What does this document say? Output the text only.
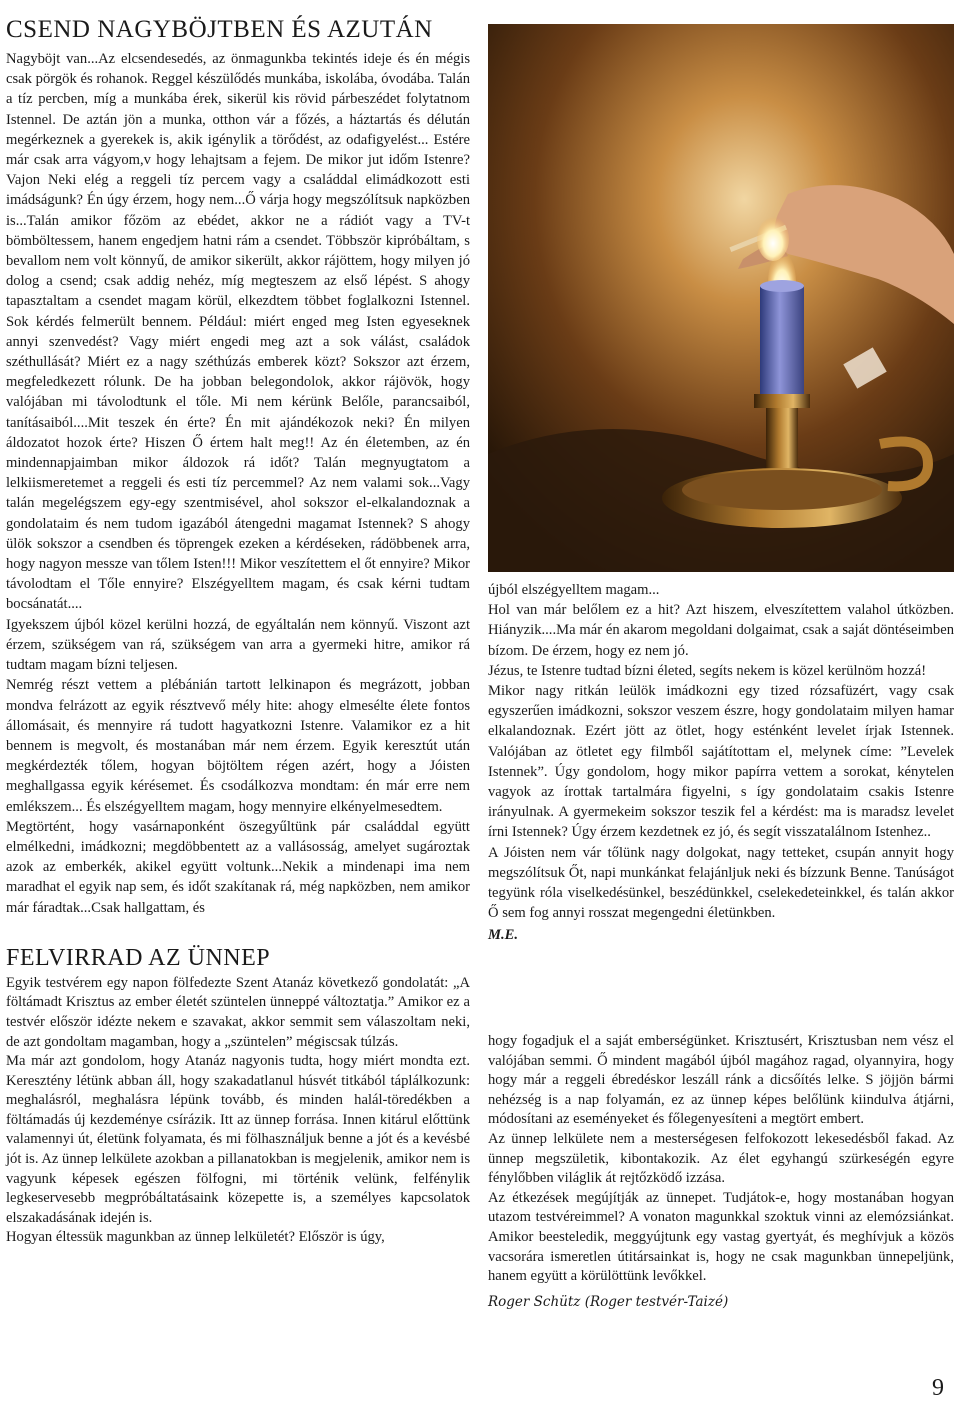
CSEND NAGYBÖJTBEN ÉS AZUTÁN

Nagyböjt van...Az elcsendesedés, az önmagunkba tekintés ideje és én mégis csak pörgök és rohanok. Reggel készülődés munkába, iskolába, óvodába. Talán a tíz percben, míg a munkába érek, sikerül kis rövid párbeszédet folytatnom Istennel. De aztán jön a munka, otthon vár a főzés, a háztartás és délután megérkeznek a gyerekek is, akik igénylik a törődést, az odafigyelést... Estére már csak arra vágyom,v hogy lehajtsam a fejem. De mikor jut időm Istenre? Vajon Neki elég a reggeli tíz percem vagy a családdal elimádkozott esti imádságunk? Én úgy érzem, hogy nem...Ő várja hogy megszólítsuk napközben is...Talán amikor főzöm az ebédet, akkor ne a rádiót vagy a TV-t bömböltessem, hanem engedjem hatni rám a csendet. Többször kipróbáltam, s bevallom nem volt könnyű, de amikor sikerült, akkor rájöttem, hogy milyen jó dolog a csend; csak addig nehéz, míg megteszem az első lépést. S ahogy tapasztaltam a csendet magam körül, elkezdtem többet foglalkozni Istennel. Sok kérdés felmerült bennem. Például: miért enged meg Isten egyeseknek annyi szenvedést? Vagy miért engedi meg azt a sok válást, családok széthullását? Miért ez a nagy széthúzás emberek közt? Sokszor azt érzem, megfeledkezett rólunk. De ha jobban belegondolok, akkor rájövök, hogy valójában mi távolodtunk el tőle. Mi nem kérünk Belőle, parancsaiból, tanításaiból....Mit teszek én érte? Én mit ajándékozok neki? Én milyen áldozatot hozok érte? Hiszen Ő értem halt meg!! Az én életemben, az én mindennapjaimban mikor áldozok rá időt? Talán megnyugtatom a lelkiismeretemet a reggeli és esti tíz percemmel? Az nem valami sok...Vagy talán megelégszem egy-egy szentmisével, ahol sokszor el-elkalandoznak a gondolataim és nem tudom igazából átengedni magamat Istennek? S ahogy ülök sokszor a csendben és töprengek ezeken a kérdéseken, rádöbbenek arra, hogy nagyon messze van tőlem Isten!!! Mikor veszítettem el őt ennyire? Mikor távolodtam el Tőle ennyire? Elszégyelltem magam, és csak kérni tudtam bocsánatát....

Igyekszem újból közel kerülni hozzá, de egyáltalán nem könnyű. Viszont azt érzem, szükségem van rá, szükségem van arra a gyermeki hitre, amikor rá tudtam magam bízni teljesen.

Nemrég részt vettem a plébánián tartott lelkinapon és megrázott, jobban mondva felrázott az egyik résztvevő mély hite: ahogy elmesélte élete fontos állomásait, és mennyire rá tudott hagyatkozni Istenre. Valamikor ez a hit bennem is megvolt, és mostanában már nem érzem. Egyik keresztút után megkérdezték tőlem, hogyan böjtöltem régen azért, hogy a Jóisten meghallgassa egyik kérésemet. És csodálkozva mondtam: én már erre nem emlékszem... És elszégyelltem magam, hogy mennyire elkényelmesedtem.

Megtörtént, hogy vasárnaponként öszegyűltünk pár családdal együtt elmélkedni, imádkozni; megdöbbentett az a vallásosság, amelyet sugároztak azok az emberkék, akikel együtt voltunk...Nekik a mindenapi ima nem maradhat el egyik nap sem, és időt szakítanak rá, még napközben, nem amikor már fáradtak...Csak hallgattam, és

FELVIRRAD AZ ÜNNEP

Egyik testvérem egy napon fölfedezte Szent Atanáz következő gondolatát: „A föltámadt Krisztus az ember életét szüntelen ünneppé változtatja.” Amikor ez a testvér először idézte nekem e szavakat, akkor semmit sem válaszoltam neki, de azt gondoltam magamban, hogy a „szüntelen” mégiscsak túlzás.

Ma már azt gondolom, hogy Atanáz nagyonis tudta, hogy miért mondta ezt. Keresztény létünk abban áll, hogy szakadatlanul húsvét titkából táplálkozunk: meghalásról, meghalásra lépünk tovább, és minden halál-töredékben a föltámadás új kezdeménye csírázik. Itt az ünnep forrása. Innen kitárul előttünk valamennyi út, életünk folyamata, és mi fölhasználjuk benne a jót és a kevésbé jót is. Az ünnep lelkülete azokban a pillanatokban is megjelenik, amikor nem is vagyunk képesek egészen fölfogni, mi történik velünk, felfénylik legkeservesebb megpróbáltatásaink közepette is, a személyes kapcsolatok elszakadásának idején is.

Hogyan éltessük magunkban az ünnep lelkületét? Először is úgy,

újból elszégyelltem magam...

Hol van már belőlem ez a hit? Azt hiszem, elveszítettem valahol útközben. Hiányzik....Ma már én akarom megoldani dolgaimat, csak a saját döntéseimben bízom. De érzem, hogy ez nem jó.

Jézus, te Istenre tudtad bízni életed, segíts nekem is közel kerülnöm hozzá!

Mikor nagy ritkán leülök imádkozni egy tized rózsafüzért, vagy csak egyszerűen imádkozni, sokszor veszem észre, hogy gondolataim milyen hamar elkalandoznak. Ezért jött az ötlet, hogy esténként levelet írjak Istennek. Valójában az ötletet egy filmből sajátítottam el, melynek címe: ”Levelek Istennek”. Úgy gondolom, hogy mikor papírra vettem a sorokat, kénytelen vagyok az írottak tartalmára figyelni, s így gondolataim csakis Istenre irányulnak. A gyermekeim sokszor teszik fel a kérdést: ma is maradsz levelet írni Istennek? Úgy érzem kezdetnek ez jó, és segít visszatalálnom Istenhez..

A Jóisten nem vár tőlünk nagy dolgokat, nagy tetteket, csupán annyit hogy megszólítsuk Őt, napi munkánkat felajánljuk neki és bízzunk Benne. Tanúságot tegyünk róla viselkedésünkel, beszédünkkel, cselekedeteinkkel, és talán akkor Ő sem fog annyi rosszat megengedni életünkben.

M.E.

hogy fogadjuk el a saját emberségünket. Krisztusért, Krisztusban nem vész el valójában semmi. Ő mindent magából újból magához ragad, olyannyira, hogy hogy már a reggeli ébredéskor leszáll ránk a dicsőítés lelke. S jöjjön bármi nehézség is a nap folyamán, ez az ünnep képes belőlünk kiindulva átjárni, módosítani az eseményeket és főlegenyesíteni a megtört embert.

Az ünnep lelkülete nem a mesterségesen felfokozott lekesedésből fakad. Az ünnep megszületik, kibontakozik. Az élet egyhangú szürkeségén egyre fénylőbben világlik át rejtőzködő izzása.

Az étkezések megújítják az ünnepet. Tudjátok-e, hogy mostanában hogyan utazom testvéreimmel? A vonaton magunkkal szoktuk vinni az elemózsiánkat. Amikor beesteledik, meggyújtunk egy vastag gyertyát, és meghívjuk a közös vacsorára ismeretlen útitársainkat is, hogy ne csak magunkban ünnepeljünk, hanem együtt a körülöttünk levőkkel.

Roger Schütz (Roger testvér-Taizé)

9
